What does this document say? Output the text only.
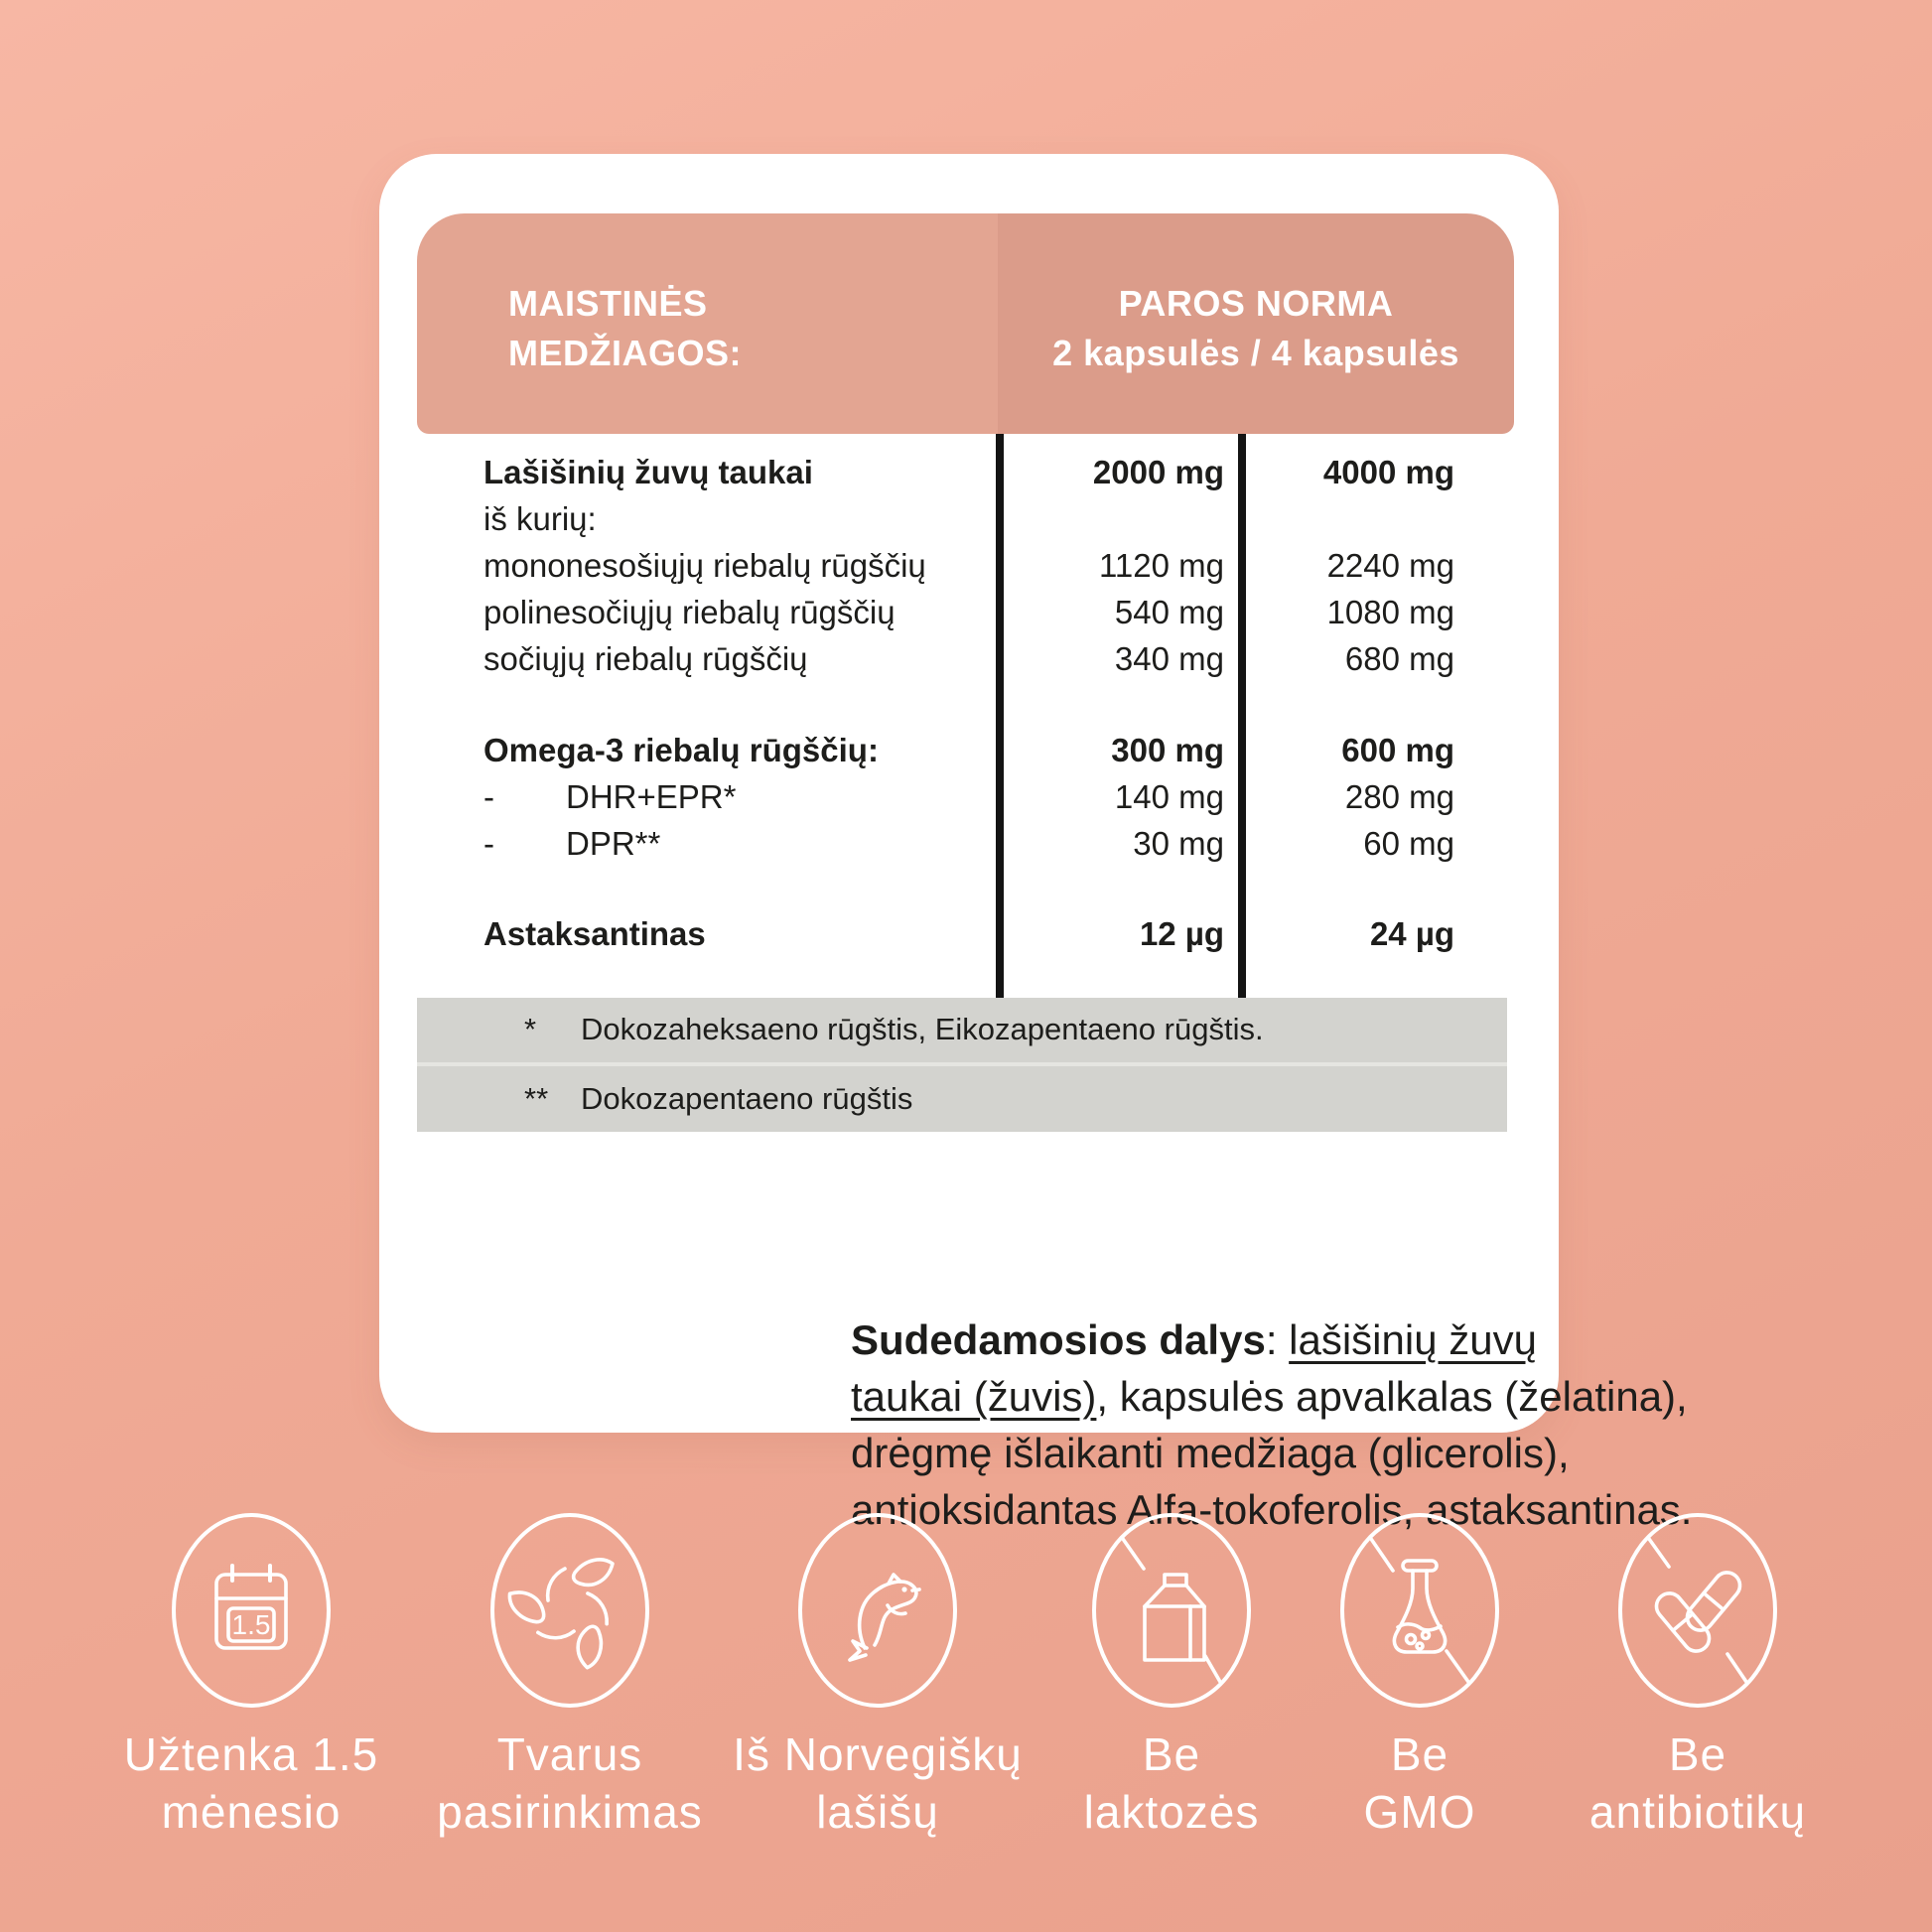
Sudedamosios dalys: lašišinių žuvų
taukai (žuvis), kapsulės apvalkalas (želatina),
drėgmę išlaikanti medžiaga (glicerolis),
antioksidantas Alfa-tokoferolis, astaksantinas.
MAISTINĖS
MEDŽIAGOS:
PAROS NORMA
2 kapsulės / 4 kapsulės
Lašišinių žuvų taukai	2000 mg	4000 mg
iš kurių:
mononesošiųjų riebalų rūgščių	1120 mg	2240 mg
polinesočiųjų riebalų rūgščių	540 mg	1080 mg
sočiųjų riebalų rūgščių	340 mg	680 mg
Omega-3 riebalų rūgščių:	300 mg	600 mg
-	DHR+EPR*	140 mg	280 mg
-	DPR**	30 mg	60 mg
Astaksantinas	12 µg	24 µg
*	Dokozaheksaeno rūgštis, Eikozapentaeno rūgštis.
**	Dokozapentaeno rūgštis
1.5
Užtenka 1.5
mėnesio
Tvarus
pasirinkimas
Iš Norvegiškų
lašišų
Be
laktozės
Be
GMO
Be
antibiotikų
